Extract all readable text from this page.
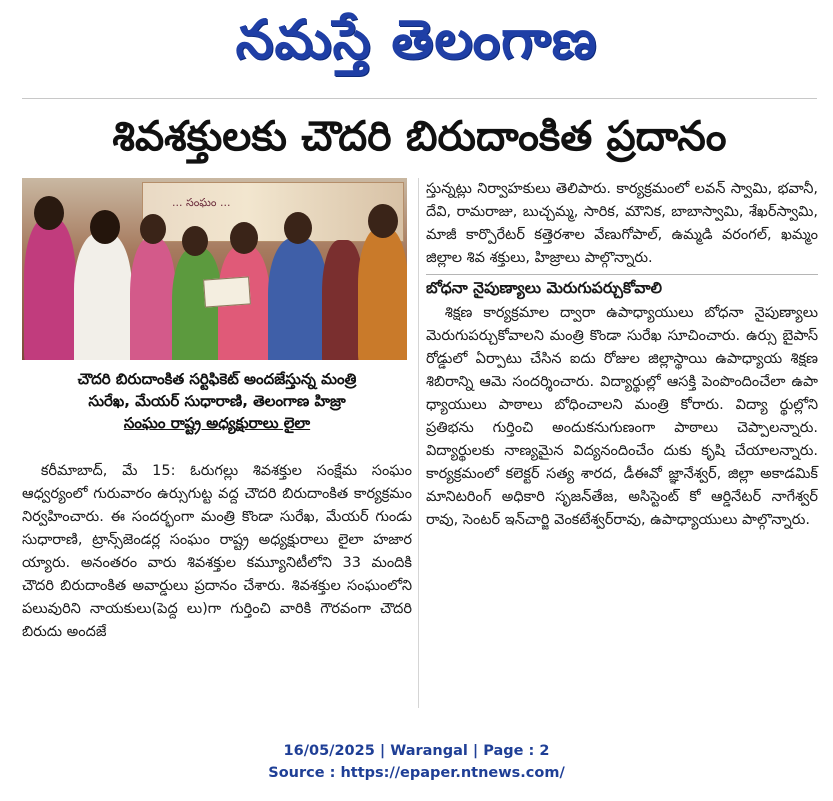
నమస్తే తెలంగాణ
శివశక్తులకు చౌదరి బిరుదాంకిత ప్రదానం
... సంఘం ...
చౌదరి బిరుదాంకిత సర్టిఫికెట్ అందజేస్తున్న మంత్రి
సురేఖ, మేయర్ సుధారాణి, తెలంగాణ హిజ్రా
సంఘం రాష్ట్ర అధ్యక్షురాలు లైలా

కరీమాబాద్, మే 15: ఓరుగల్లు శివశక్తుల సంక్షేమ సంఘం ఆధ్వర్యంలో గురువారం ఉర్సుగుట్ట వద్ద చౌదరి బిరుదాంకిత కార్యక్రమం నిర్వహించారు. ఈ సందర్భంగా మంత్రి కొండా సురేఖ, మేయర్ గుండు సుధారాణి, ట్రాన్స్‌జెండర్ల సంఘం రాష్ట్ర అధ్యక్షురాలు లైలా హజార య్యారు. అనంతరం వారు శివశక్తుల కమ్యూనిటీలోని 33 మందికి చౌదరి బిరుదాంకిత అవార్డులు ప్రదానం చేశారు. శివశక్తుల సంఘంలోని పలువురిని నాయకులు(పెద్ద లు)గా గుర్తించి వారికి గౌరవంగా చౌదరి బిరుదు అందజే

స్తున్నట్లు నిర్వాహకులు తెలిపారు. కార్యక్రమంలో లవన్ స్వామి, భవానీ, దేవి, రామరాజు, బుచ్చమ్మ, సారిక, మౌనిక, బాబాస్వామి, శేఖర్‌స్వామి, మాజీ కార్పొరేటర్ కత్తెరశాల వేణుగోపాల్, ఉమ్మడి వరంగల్, ఖమ్మం జిల్లాల శివ శక్తులు, హిజ్రాలు పాల్గొన్నారు.

బోధనా నైపుణ్యాలు మెరుగుపర్చుకోవాలి

శిక్షణ కార్యక్రమాల ద్వారా ఉపాధ్యాయులు బోధనా నైపుణ్యాలు మెరుగుపర్చుకోవాలని మంత్రి కొండా సురేఖ సూచించారు. ఉర్సు బైపాస్ రోడ్డులో ఏర్పాటు చేసిన ఐదు రోజుల జిల్లాస్థాయి ఉపాధ్యాయ శిక్షణ శిబిరాన్ని ఆమె సందర్శించారు. విద్యార్థుల్లో ఆసక్తి పెంపొందించేలా ఉపా ధ్యాయులు పాఠాలు బోధించాలని మంత్రి కోరారు. విద్యా ర్థుల్లోని ప్రతిభను గుర్తించి అందుకనుగుణంగా పాఠాలు చెప్పాలన్నారు. విద్యార్థులకు నాణ్యమైన విద్యనందించేం దుకు కృషి చేయాలన్నారు. కార్యక్రమంలో కలెక్టర్ సత్య శారద, డీఈవో జ్ఞానేశ్వర్, జిల్లా అకాడమిక్ మానిటరింగ్ అధికారి సృజన్‌తేజ, అసిస్టెంట్ కో ఆర్డినేటర్ నాగేశ్వర్ రావు, సెంటర్ ఇన్‌చార్జి వెంకటేశ్వర్‌రావు, ఉపాధ్యాయులు పాల్గొన్నారు.

16/05/2025 | Warangal | Page : 2
Source : https://epaper.ntnews.com/
